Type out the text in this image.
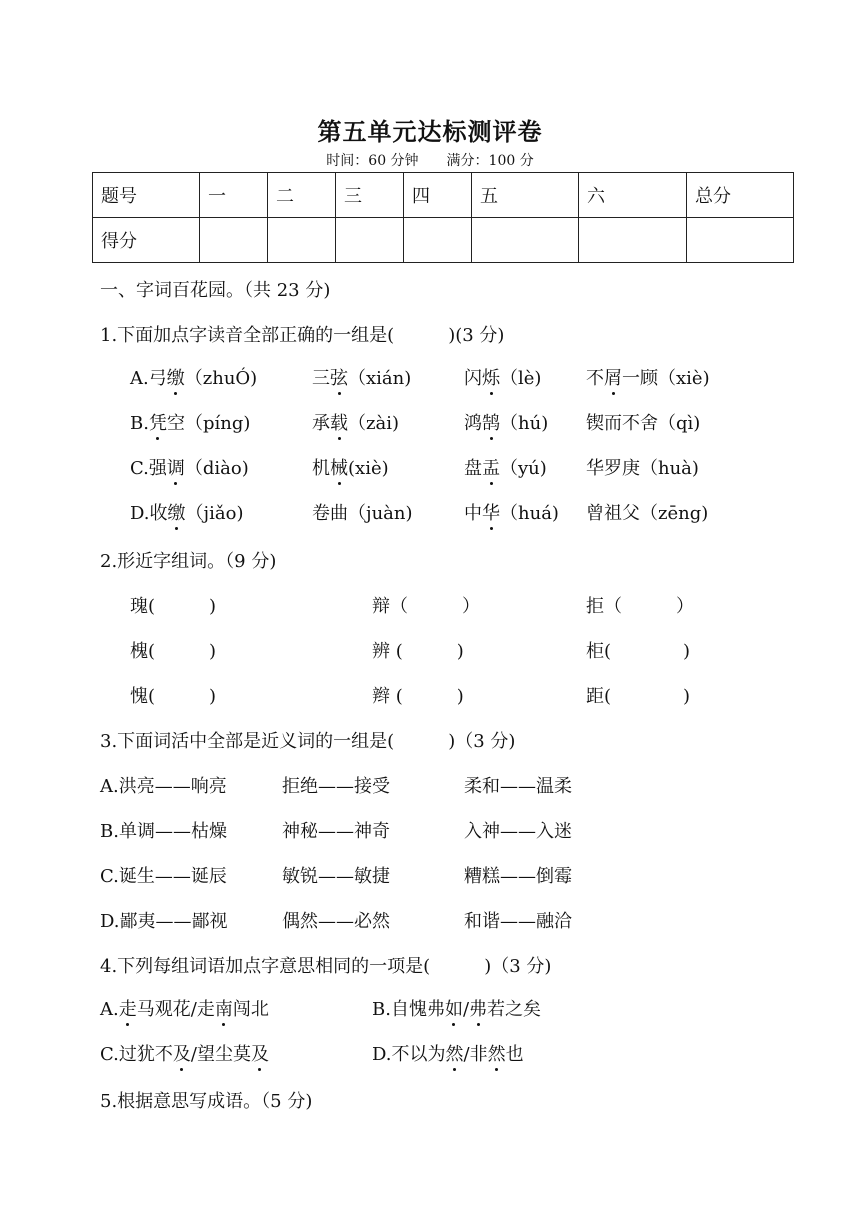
第五单元达标测评卷
时间：60 分钟 满分：100 分
题号	一	二	三	四	五	六	总分
得分							
一、字词百花园。（共 23 分)
1.下面加点字读音全部正确的一组是(　　　)(3 分)
A.弓缴（zhuÓ)	三弦（xián)	闪烁（lè) 不屑一顾（xiè)
B.凭空（píng)	承载（zài)	鸿鹄（hú) 锲而不舍（qì)
C.强调（diào)	机械(xiè)	盘盂（yú) 华罗庚（huà)
D.收缴（jiǎo)	卷曲（juàn)	中华（huá) 曾祖父（zēng)
2.形近字组词。（9 分)
瑰(　　　)	辩（　　　）	拒（　　　）
槐(　　　)	辨 (　　　)	柜(　　　　)
愧(　　　)	辫 (　　　)	距(　　　　)
3.下面词活中全部是近义词的一组是(　　　)（3 分)
A.洪亮——响亮	拒绝——接受	柔和——温柔
B.单调——枯燥	神秘——神奇	入神——入迷
C.诞生——诞辰	敏锐——敏捷	糟糕——倒霉
D.鄙夷——鄙视	偶然——必然	和谐——融洽
4.下列每组词语加点字意思相同的一项是(　　　)（3 分)
A.走马观花/走南闯北	B.自愧弗如/弗若之矣
C.过犹不及/望尘莫及	D.不以为然/非然也
5.根据意思写成语。（5 分)
